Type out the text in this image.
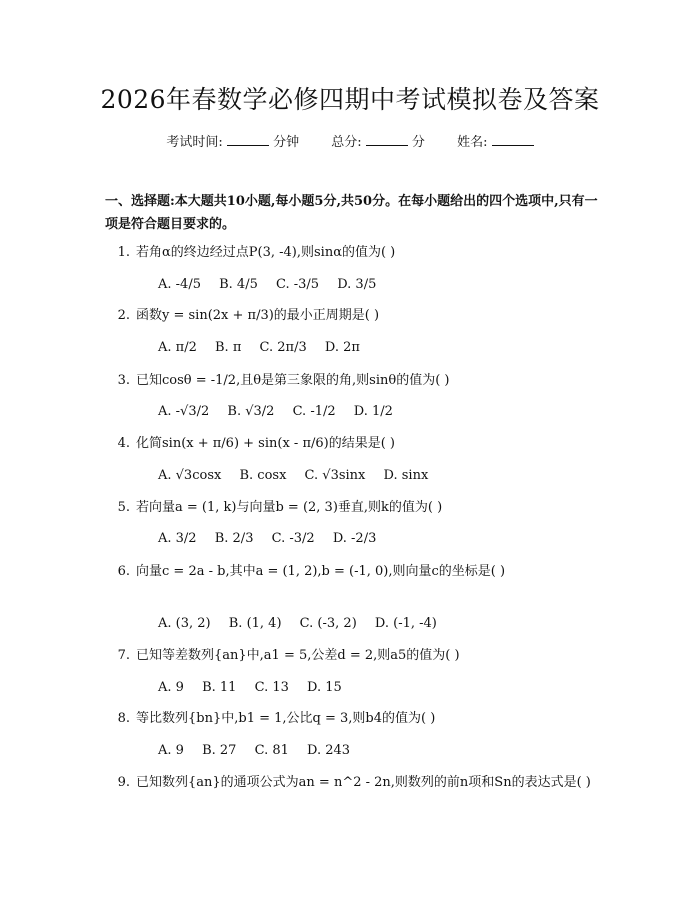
2026年春数学必修四期中考试模拟卷及答案
考试时间:	分钟 总分:	分 姓名:
一、选择题:本大题共10小题,每小题5分,共50分。在每小题给出的四个选项中,只有一项是符合题目要求的。
1. 若角α的终边经过点P(3, -4),则sinα的值为( )
A. -4/5 B. 4/5 C. -3/5 D. 3/5
2. 函数y = sin(2x + π/3)的最小正周期是( )
A. π/2 B. π C. 2π/3 D. 2π
3. 已知cosθ = -1/2,且θ是第三象限的角,则sinθ的值为( )
A. -√3/2 B. √3/2 C. -1/2 D. 1/2
4. 化简sin(x + π/6) + sin(x - π/6)的结果是( )
A. √3cosx B. cosx C. √3sinx D. sinx
5. 若向量a = (1, k)与向量b = (2, 3)垂直,则k的值为( )
A. 3/2 B. 2/3 C. -3/2 D. -2/3
6. 向量c = 2a - b,其中a = (1, 2),b = (-1, 0),则向量c的坐标是( )
A. (3, 2) B. (1, 4) C. (-3, 2) D. (-1, -4)
7. 已知等差数列{an}中,a1 = 5,公差d = 2,则a5的值为( )
A. 9 B. 11 C. 13 D. 15
8. 等比数列{bn}中,b1 = 1,公比q = 3,则b4的值为( )
A. 9 B. 27 C. 81 D. 243
9. 已知数列{an}的通项公式为an = n^2 - 2n,则数列的前n项和Sn的表达式是( )
